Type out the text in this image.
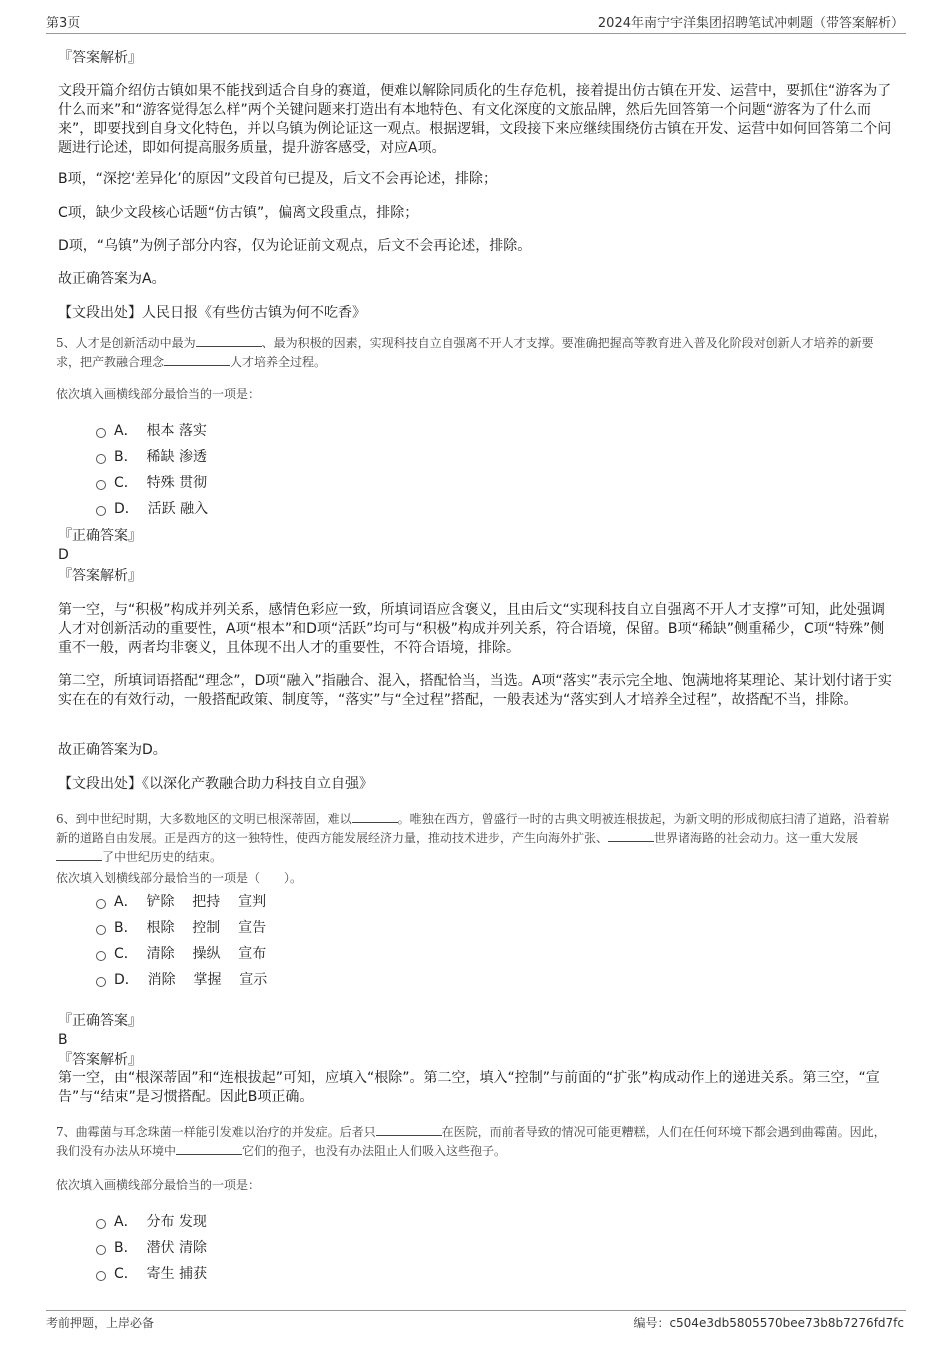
第3页	2024年南宁宇洋集团招聘笔试冲刺题（带答案解析）
『答案解析』
文段开篇介绍仿古镇如果不能找到适合自身的赛道，便难以解除同质化的生存危机，接着提出仿古镇在开发、运营中，要抓住“游客为了什么而来”和“游客觉得怎么样”两个关键问题来打造出有本地特色、有文化深度的文旅品牌，然后先回答第一个问题“游客为了什么而来”，即要找到自身文化特色，并以乌镇为例论证这一观点。根据逻辑，文段接下来应继续围绕仿古镇在开发、运营中如何回答第二个问题进行论述，即如何提高服务质量，提升游客感受，对应A项。
B项，“深挖‘差异化’的原因”文段首句已提及，后文不会再论述，排除；
C项，缺少文段核心话题“仿古镇”，偏离文段重点，排除；
D项，“乌镇”为例子部分内容，仅为论证前文观点，后文不会再论述，排除。
故正确答案为A。
【文段出处】人民日报《有些仿古镇为何不吃香》
5、人才是创新活动中最为	、最为积极的因素，实现科技自立自强离不开人才支撑。要准确把握高等教育进入普及化阶段对创新人才培养的新要求，把产教融合理念	人才培养全过程。
依次填入画横线部分最恰当的一项是：
A．  根本 落实
B．  稀缺 渗透
C．  特殊 贯彻
D．  活跃 融入
『正确答案』
D
『答案解析』
第一空，与“积极”构成并列关系，感情色彩应一致，所填词语应含褒义，且由后文“实现科技自立自强离不开人才支撑”可知，此处强调人才对创新活动的重要性，A项“根本”和D项“活跃”均可与“积极”构成并列关系，符合语境，保留。B项“稀缺”侧重稀少，C项“特殊”侧重不一般，两者均非褒义，且体现不出人才的重要性，不符合语境，排除。
第二空，所填词语搭配“理念”，D项“融入”指融合、混入，搭配恰当，当选。A项“落实”表示完全地、饱满地将某理论、某计划付诸于实实在在的有效行动，一般搭配政策、制度等，“落实”与“全过程”搭配，一般表述为“落实到人才培养全过程”，故搭配不当，排除。
故正确答案为D。
【文段出处】《以深化产教融合助力科技自立自强》
6、到中世纪时期，大多数地区的文明已根深蒂固，难以	。唯独在西方，曾盛行一时的古典文明被连根拔起，为新文明的形成彻底扫清了道路，沿着崭新的道路自由发展。正是西方的这一独特性，使西方能发展经济力量，推动技术进步，产生向海外扩张、	世界诸海路的社会动力。这一重大发展了中世纪历史的结束。
依次填入划横线部分最恰当的一项是（　　）。
A．  铲除    把持    宣判
B．  根除    控制    宣告
C．  清除    操纵    宣布
D．  消除    掌握    宣示
『正确答案』
B
『答案解析』
第一空，由“根深蒂固”和“连根拔起”可知，应填入“根除”。第二空，填入“控制”与前面的“扩张”构成动作上的递进关系。第三空，“宣告”与“结束”是习惯搭配。因此B项正确。
7、曲霉菌与耳念珠菌一样能引发难以治疗的并发症。后者只	在医院，而前者导致的情况可能更糟糕，人们在任何环境下都会遇到曲霉菌。因此，我们没有办法从环境中	它们的孢子，也没有办法阻止人们吸入这些孢子。
依次填入画横线部分最恰当的一项是：
A．  分布 发现
B．  潜伏 清除
C．  寄生 捕获
考前押题，上岸必备	编号：c504e3db5805570bee73b8b7276fd7fc
